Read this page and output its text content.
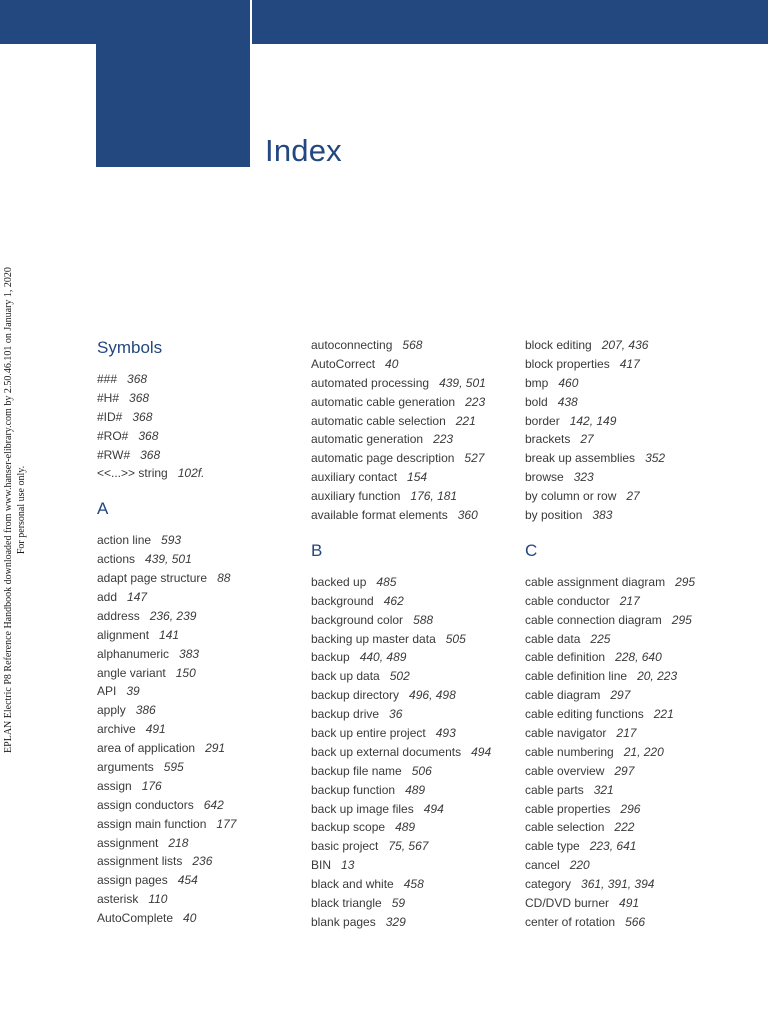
Index
EPLAN Electric P8 Reference Handbook downloaded from www.hanser-elibrary.com by 2.50.46.101 on January 1, 2020 For personal use only.
Symbols
### 368
#H# 368
#ID# 368
#RO# 368
#RW# 368
<<...>> string 102f.
A
action line 593
actions 439, 501
adapt page structure 88
add 147
address 236, 239
alignment 141
alphanumeric 383
angle variant 150
API 39
apply 386
archive 491
area of application 291
arguments 595
assign 176
assign conductors 642
assign main function 177
assignment 218
assignment lists 236
assign pages 454
asterisk 110
AutoComplete 40
autoconnecting 568
AutoCorrect 40
automated processing 439, 501
automatic cable generation 223
automatic cable selection 221
automatic generation 223
automatic page description 527
auxiliary contact 154
auxiliary function 176, 181
available format elements 360
B
backed up 485
background 462
background color 588
backing up master data 505
backup 440, 489
back up data 502
backup directory 496, 498
backup drive 36
back up entire project 493
back up external documents 494
backup file name 506
backup function 489
back up image files 494
backup scope 489
basic project 75, 567
BIN 13
black and white 458
black triangle 59
blank pages 329
block editing 207, 436
block properties 417
bmp 460
bold 438
border 142, 149
brackets 27
break up assemblies 352
browse 323
by column or row 27
by position 383
C
cable assignment diagram 295
cable conductor 217
cable connection diagram 295
cable data 225
cable definition 228, 640
cable definition line 20, 223
cable diagram 297
cable editing functions 221
cable navigator 217
cable numbering 21, 220
cable overview 297
cable parts 321
cable properties 296
cable selection 222
cable type 223, 641
cancel 220
category 361, 391, 394
CD/DVD burner 491
center of rotation 566
